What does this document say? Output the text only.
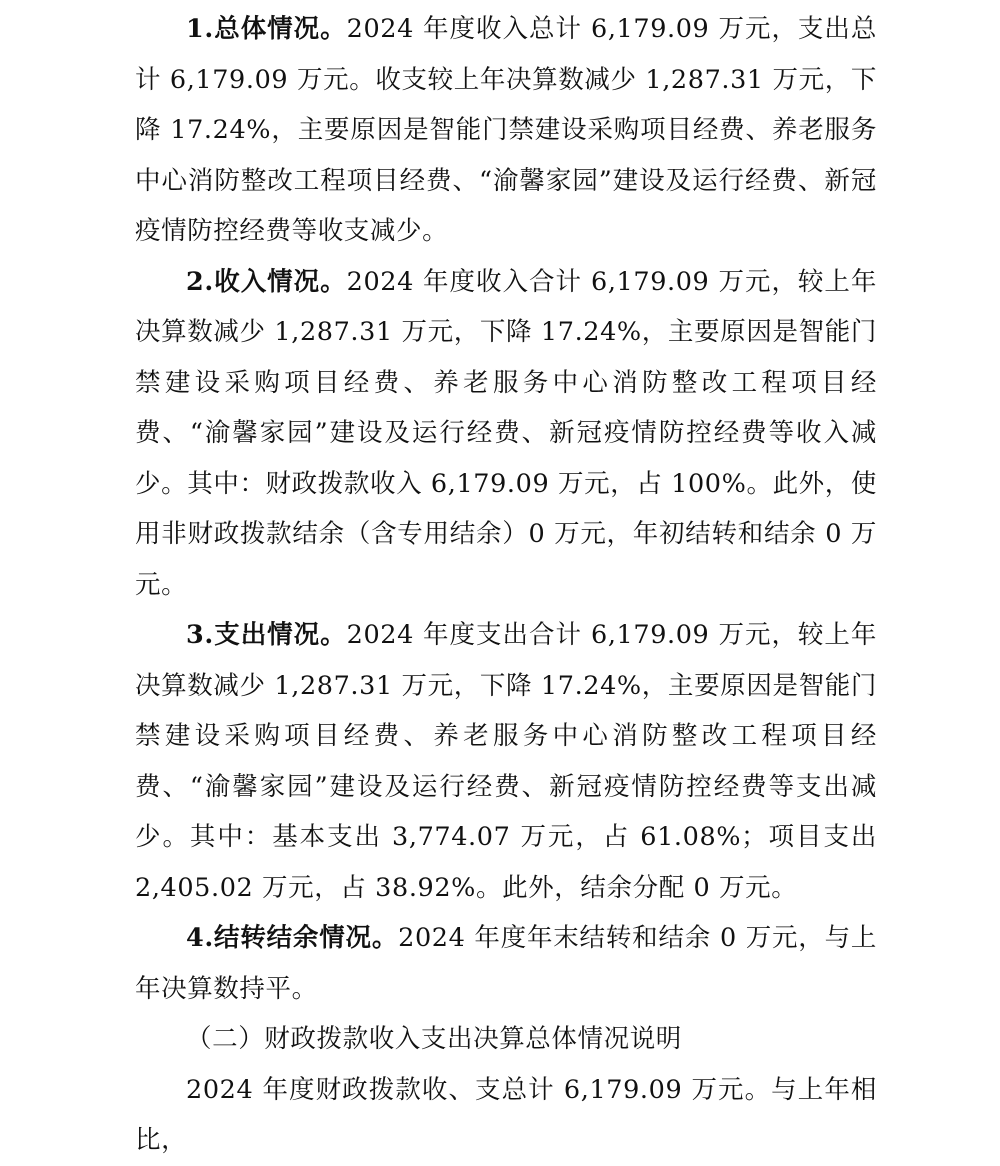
1.总体情况。2024 年度收入总计 6,179.09 万元，支出总计 6,179.09 万元。收支较上年决算数减少 1,287.31 万元，下降 17.24%，主要原因是智能门禁建设采购项目经费、养老服务中心消防整改工程项目经费、“渝馨家园”建设及运行经费、新冠疫情防控经费等收支减少。

2.收入情况。2024 年度收入合计 6,179.09 万元，较上年决算数减少 1,287.31 万元，下降 17.24%，主要原因是智能门禁建设采购项目经费、养老服务中心消防整改工程项目经费、“渝馨家园”建设及运行经费、新冠疫情防控经费等收入减少。其中：财政拨款收入 6,179.09 万元，占 100%。此外，使用非财政拨款结余（含专用结余）0 万元，年初结转和结余 0 万元。

3.支出情况。2024 年度支出合计 6,179.09 万元，较上年决算数减少 1,287.31 万元，下降 17.24%，主要原因是智能门禁建设采购项目经费、养老服务中心消防整改工程项目经费、“渝馨家园”建设及运行经费、新冠疫情防控经费等支出减少。其中：基本支出 3,774.07 万元，占 61.08%；项目支出 2,405.02 万元，占 38.92%。此外，结余分配 0 万元。

4.结转结余情况。2024 年度年末结转和结余 0 万元，与上年决算数持平。

（二）财政拨款收入支出决算总体情况说明

2024 年度财政拨款收、支总计 6,179.09 万元。与上年相比，
